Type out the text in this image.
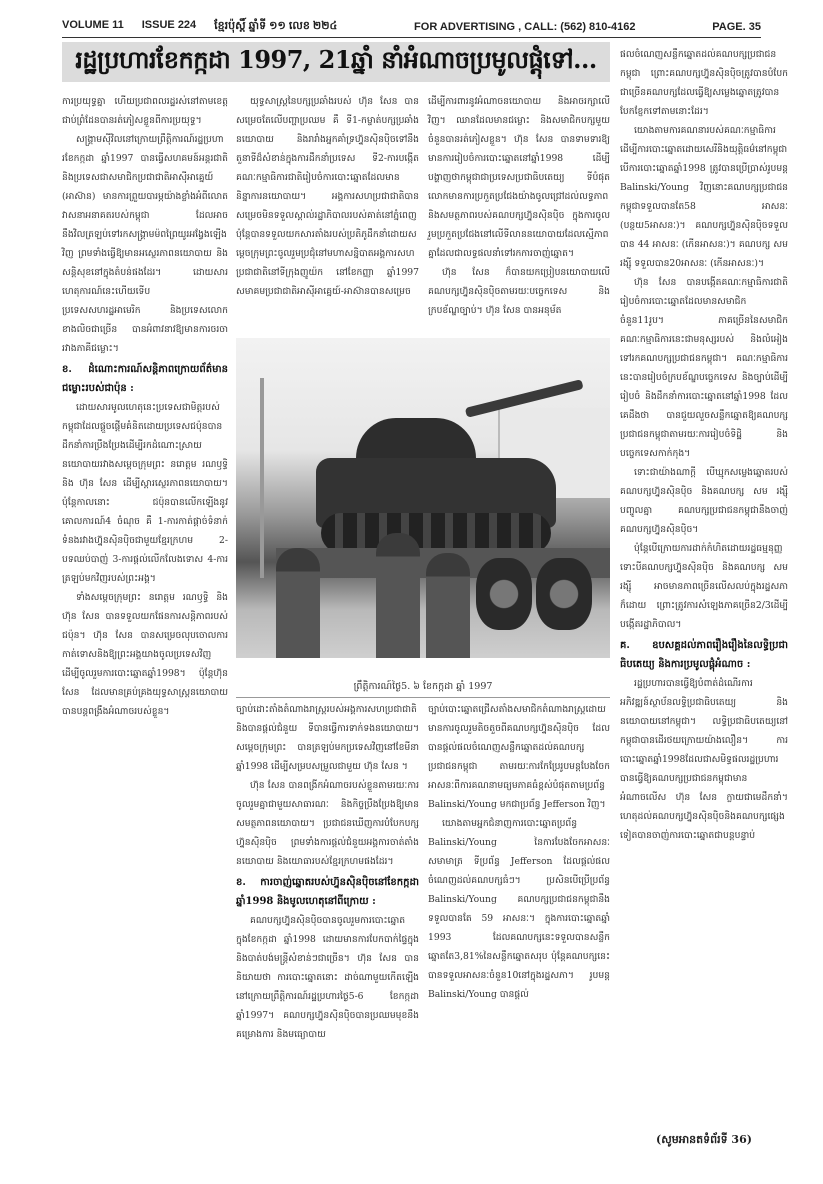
VOLUME 11 ISSUE 224 ខ្មែរប៉ុស្តិ៍ ឆ្នាំទី ១១ លេខ ២២៤	FOR ADVERTISING , CALL: (562) 810-4162	PAGE. 35
រដ្ឋប្រហារខែកក្កដា 1997, 21ឆ្នាំ នាំអំណាចប្រមូលផ្តុំទៅ...

ការប្រយុទ្ធគ្នា ហើយប្រជាពលរដ្ឋរស់នៅតាមខេត្តជាប់ព្រំដែនបានរត់ភៀសខ្លួនពីការប្រយុទ្ធ។

សង្គ្រាមស៊ីវិលនៅក្រោយព្រឹត្តិការណ៍រដ្ឋប្រហារខែកក្កដា ឆ្នាំ1997 បានធ្វើសហគមន៍អន្តរជាតិ និងប្រទេសជាសមាជិកប្រជាជាតិអាស៊ីអាគ្នេយ៍ (អាស៊ាន) មានការព្រួយបារម្ភយ៉ាងខ្លាំងអំពីលោតវាសនាអនាគតរបស់កម្ពុជា ដែលអាចនឹងវិលត្រឡប់ទៅរកសង្គ្រាមម៉ពព្រៃយូរអង្វែងឡើងវិញ ព្រមទាំងធ្វើឱ្យមានអស្ថេរភាពនយោបាយ និងសន្តិសុខនៅក្នុងតំបន់ផងដែរ។ ដោយសារហេតុការណ៍នេះហើយទើបប្រទេសសហរដ្ឋអាមេរិក និងប្រទេសលោកខាងលិចជាច្រើន បានអំពាវនាវឱ្យមានការចរចារវាងភាគីជម្លោះ។

ខ. ដំណោះការណ៍សន្តិភាពក្រោយព័ត៌មានជម្លោះរបស់ជាប៉ុន :

ដោយសារមូលហេតុនេះប្រទេសជាមិត្តរបស់កម្ពុជាដែលផ្តួចផ្តើមគំនិតដោយប្រទេសជប៉ុនបានដឹកនាំការប្រឹងប្រែងដើម្បីរកដំណោះស្រាយនយោបាយរវាងសម្តេចក្រុមព្រះ នរោត្តម រណឫទ្ធិ និង ហ៊ុន សែន ដើម្បីស្តារស្ថេរភាពនយោបាយ។ ប៉ុន្តែកាលនោះ ជប៉ុនបានលើកឡើងនូវគោលការណ៍4 ចំណុច គឺ 1-ការកាត់ផ្តាច់ទំនាក់ទំនងរវាងហ្វ៊ុនស៊ិនប៉ិចជាមួយខ្មែរក្រហម 2-បទឈប់បាញ់ 3-ការផ្តល់លើកលែងទោស 4-ការត្រឡប់មកវិញរបស់ព្រះអង្គ។

ទាំងសម្តេចក្រុមព្រះ នរោត្តម រណឫទ្ធិ និង ហ៊ុន សែន បានទទួលយកផែនការសន្តិភាពរបស់ជប៉ុន។ ហ៊ុន សែន បានសម្រេចលុបចោលការកាត់ទោសនិងឱ្យព្រះអង្គយាងចូលប្រទេសវិញដើម្បីចូលរួមការបោះឆ្នោតឆ្នាំ1998។ ប៉ុន្តែហ៊ុន សែន ដែលមានគ្រប់គ្រងយុទ្ធសាស្ត្រនយោបាយ បានបន្តពង្រឹងអំណាចរបស់ខ្លួន។

យុទ្ធសាស្ត្រនៃបក្សប្រឆាំងរបស់ ហ៊ុន សែន បានសម្រេចតែលើបញ្ហាប្រឈម គឺ ទី1-កម្ចាត់បក្សប្រឆាំងនយោបាយ និងរារាំងអ្នកគាំទ្រហ្វ៊ុនស៊ិនប៉ិចទៅនឹងតួនាទីដ៏សំខាន់ក្នុងការដឹកនាំប្រទេស ទី2-ការបង្កើតគណៈកម្មាធិការជាតិរៀបចំការបោះឆ្នោតដែលមាននិន្នាការនយោបាយ។ អង្គការសហប្រជាជាតិបានសម្រេចមិនទទួលស្គាល់រដ្ឋាភិបាលរបស់គាត់នៅភ្នំពេញ ប៉ុន្តែបានទទួលយកសារតាំងរបស់ប្រតិភូដឹកនាំដោយសម្តេចក្រុមព្រះចូលរួមប្រជុំនៅមហាសន្និបាតអង្គការសហប្រជាជាតិនៅទីក្រុងញូយ៉ក នៅខែកញ្ញា ឆ្នាំ1997 សមាគមប្រជាជាតិអាស៊ីអាគ្នេយ៍-អាស៊ានបានសម្រេច

ដើម្បីការពារនូវអំណាចនយោបាយ និងអាចរក្សាលើវិញ។ ឈានដែលមានជម្លោះ និងសមាជិកបក្សមួយចំនួនបានរត់ភៀសខ្លួន។ ហ៊ុន សែន បានទាមទារឱ្យមានការរៀបចំការបោះឆ្នោតនៅឆ្នាំ1998 ដើម្បីបង្ហាញថាកម្ពុជាជាប្រទេសប្រជាធិបតេយ្យ ទីបំផុតលោកមានការប្រកួតប្រជែងយ៉ាងចូលជ្រៅដល់លទ្ធភាព និងសមត្ថភាពរបស់គណបក្សហ្វ៊ុនស៊ិនប៉ិច ក្នុងការចូលរួមប្រកួតប្រជែងនៅលើទីលាននយោបាយដែលស្មើភាពគ្នាដែលជាលទ្ធផលនាំទៅរកការចាញ់ឆ្នោត។

ហ៊ុន សែន ក៏បានយកប្រៀបនយោបាយលើគណបក្សហ្វ៊ុនស៊ិនប៉ិចតាមរយៈបច្ចេកទេស និងក្របខ័ណ្ឌច្បាប់។ ហ៊ុន សែន បានអនុម័ត

ព្រឹត្តិការណ៍ថ្ងៃ5. ៦ ខែកក្កដា ឆ្នាំ 1997

ច្បាប់ដោះតាំងតំណាងរាស្ត្ររបស់អង្គការសហប្រជាជាតិ និងបានផ្តល់ជំនួយ ទីបានធ្វើការទាក់ទងនយោបាយ។ សម្តេចក្រុមព្រះ បានត្រឡប់មកប្រទេសវិញនៅខែមីនា ឆ្នាំ1998 ដើម្បីសម្របសម្រួលជាមួយ ហ៊ុន សែន ។

ហ៊ុន សែន បានពង្រីកអំណាចរបស់ខ្លួនតាមរយៈការចូលរួមគ្នាជាមួយសាធារណៈ និងកិច្ចប្រឹងប្រែងឱ្យមានសមត្ថភាពនយោបាយ។ ប្រជាជនឃើញការបំបែកបក្សហ្វ៊ុនស៊ិនប៉ិច ព្រមទាំងការផ្តល់ជំនួយអង្គការចាត់តាំងនយោបាយ និងយោធារបស់ខ្មែរក្រហមផងដែរ។

ខ. ការចាញ់ឆ្នោតរបស់ហ្វ៊ុនស៊ិនប៉ិចនៅខែកក្កដា ឆ្នាំ1998 និងមូលហេតុនៅពីក្រោយ :

គណបក្សហ្វ៊ុនស៊ិនប៉ិចបានចូលរួមការបោះឆ្នោតក្នុងខែកក្កដា ឆ្នាំ1998 ដោយមានការបែកបាក់ផ្ទៃក្នុង និងបាត់បង់មន្ត្រីសំខាន់ៗជាច្រើន។ ហ៊ុន សែន បាននិយាយថា ការបោះឆ្នោតនោះ ដាច់ណាមួយកើតឡើងនៅក្រោយព្រឹត្តិការណ៍រដ្ឋប្រហារថ្ងៃ5-6 ខែកក្កដា ឆ្នាំ1997។ គណបក្សហ្វ៊ុនស៊ិនប៉ិចបានប្រឈមមុខនឹងគម្រោងការ និងមធ្យោបាយ

ច្បាប់បោះឆ្នោតជ្រើសតាំងសមាជិកតំណាងរាស្ត្រដោយមានការចូលរួមតិចតួចពីគណបក្សហ្វ៊ុនស៊ិនប៉ិច ដែលបានផ្តល់ផលចំណេញសន្លឹកឆ្នោតដល់គណបក្សប្រជាជនកម្ពុជា តាមរយៈការកែប្រែរូបមន្តបែងចែកអាសនៈពីការគណនាមធ្យមភាគធំខ្ពស់បំផុតតាមប្រព័ន្ធ Balinski/Young មកជាប្រព័ន្ធ Jefferson វិញ។

យោងតាមអ្នកជំនាញការបោះឆ្នោតប្រព័ន្ធ Balinski/Young នៃការបែងចែកអាសនៈសមាមាត្រ ទីប្រព័ន្ធ Jefferson ដែលផ្តល់ផលចំណេញដល់គណបក្សធំៗ។ ប្រសិនបើប្រើប្រព័ន្ធ Balinski/Young គណបក្សប្រជាជនកម្ពុជានឹងទទួលបានតែ 59 អាសនៈ។ ក្នុងការបោះឆ្នោតឆ្នាំ 1993 ដែលគណបក្សនេះទទួលបានសន្លឹកឆ្នោតតែ3,81%នៃសន្លឹកឆ្នោតសរុប ប៉ុន្តែគណបក្សនេះបានទទួលអាសនៈចំនួន10នៅក្នុងរដ្ឋសភា។ រូបមន្ត Balinski/Young បានផ្តល់

ផលចំណេញសន្លឹកឆ្នោតដល់គណបក្សប្រជាជនកម្ពុជា ព្រោះគណបក្សហ្វ៊ុនស៊ិនប៉ិចត្រូវបានបំបែកជាច្រើនគណបក្សដែលធ្វើឱ្យសម្លេងឆ្នោតត្រូវបានបែកខ្ញែកទៅតាមនោះដែរ។

យោងតាមការគណនារបស់គណៈកម្មាធិការដើម្បីការបោះឆ្នោតដោយសេរីនិងយុត្តិធម៌នៅកម្ពុជា បើការបោះឆ្នោតឆ្នាំ1998 ត្រូវបានប្រើប្រាស់រូបមន្ត Balinski/Young វិញនោះគណបក្សប្រជាជនកម្ពុជាទទួលបានតែ58 អាសនៈ (បន្ថយ5អាសនៈ)។ គណបក្សហ្វ៊ុនស៊ិនប៉ិចទទួលបាន 44 អាសនៈ (កើនអាសនៈ)។ គណបក្ស សម រង្ស៊ី ទទួលបាន20អាសនៈ (កើនអាសនៈ)។

ហ៊ុន សែន បានបង្កើតគណៈកម្មាធិការជាតិរៀបចំការបោះឆ្នោតដែលមានសមាជិកចំនួន11រូប។ ភាគច្រើននៃសមាជិកគណៈកម្មាធិការនេះជាមនុស្សរបស់ និងលំអៀងទៅរកគណបក្សប្រជាជនកម្ពុជា។ គណៈកម្មាធិការនេះបានរៀបចំក្របខ័ណ្ឌបច្ចេកទេស និងច្បាប់ដើម្បីរៀបចំ និងដឹកនាំការបោះឆ្នោតនៅឆ្នាំ1998 ដែលគេដឹងថា បានជួយលួចសន្លឹកឆ្នោតឱ្យគណបក្សប្រជាជនកម្ពុជាតាមរយៈការរៀបចំទិដ្ឋិ និងបច្ចេកទេសកាក់កុង។

ទោះជាយ៉ាងណាក្តី បើឃ្មុកសម្លេងឆ្នោតរបស់គណបក្សហ្វ៊ុនស៊ិនប៉ិច និងគណបក្ស សម រង្ស៊ី បញ្ចូលគ្នា គណបក្សប្រជាជនកម្ពុជានឹងចាញ់គណបក្សហ្វ៊ុនស៊ិនប៉ិច។

ប៉ុន្តែបើក្រោយការដាក់កំហិតដោយរដ្ឋធម្មនុញ្ញ ទោះបីគណបក្សហ្វ៊ុនស៊ិនប៉ិច និងគណបក្ស សម រង្ស៊ី អាចមានភាពច្រើនលើសលប់ក្នុងរដ្ឋសភា ក៏ដោយ ព្រោះត្រូវការសំឡេងភាគច្រើន2/3ដើម្បីបង្កើតរដ្ឋាភិបាល។

គ. ឧបសគ្គដល់ភាពរឿងរឿងនៃលទ្ធិប្រជាធិបតេយ្យ និងការប្រមូលផ្តុំអំណាច :

រដ្ឋប្រហារបានធ្វើឱ្យបំពាត់ដំណើរការអភិវឌ្ឍន៍ស្ថាប័នលទ្ធិប្រជាធិបតេយ្យ និងនយោបាយនៅកម្ពុជា។ លទ្ធិប្រជាធិបតេយ្យនៅកម្ពុជាបានដើរថយក្រោយយ៉ាងលឿន។ ការបោះឆ្នោតឆ្នាំ1998ដែលជាសមិទ្ធផលរដ្ឋប្រហារបានធ្វើឱ្យគណបក្សប្រជាជនកម្ពុជាមានអំណាចលើស ហ៊ុន សែន ក្លាយជាមេដឹកនាំ។ ហេតុដល់គណបក្សហ្វ៊ុនស៊ិនប៉ិចនិងគណបក្សផ្សេងទៀតបានចាញ់ការបោះឆ្នោតជាបន្តបន្ទាប់

(សូមអានតទំព័រទី 36)
